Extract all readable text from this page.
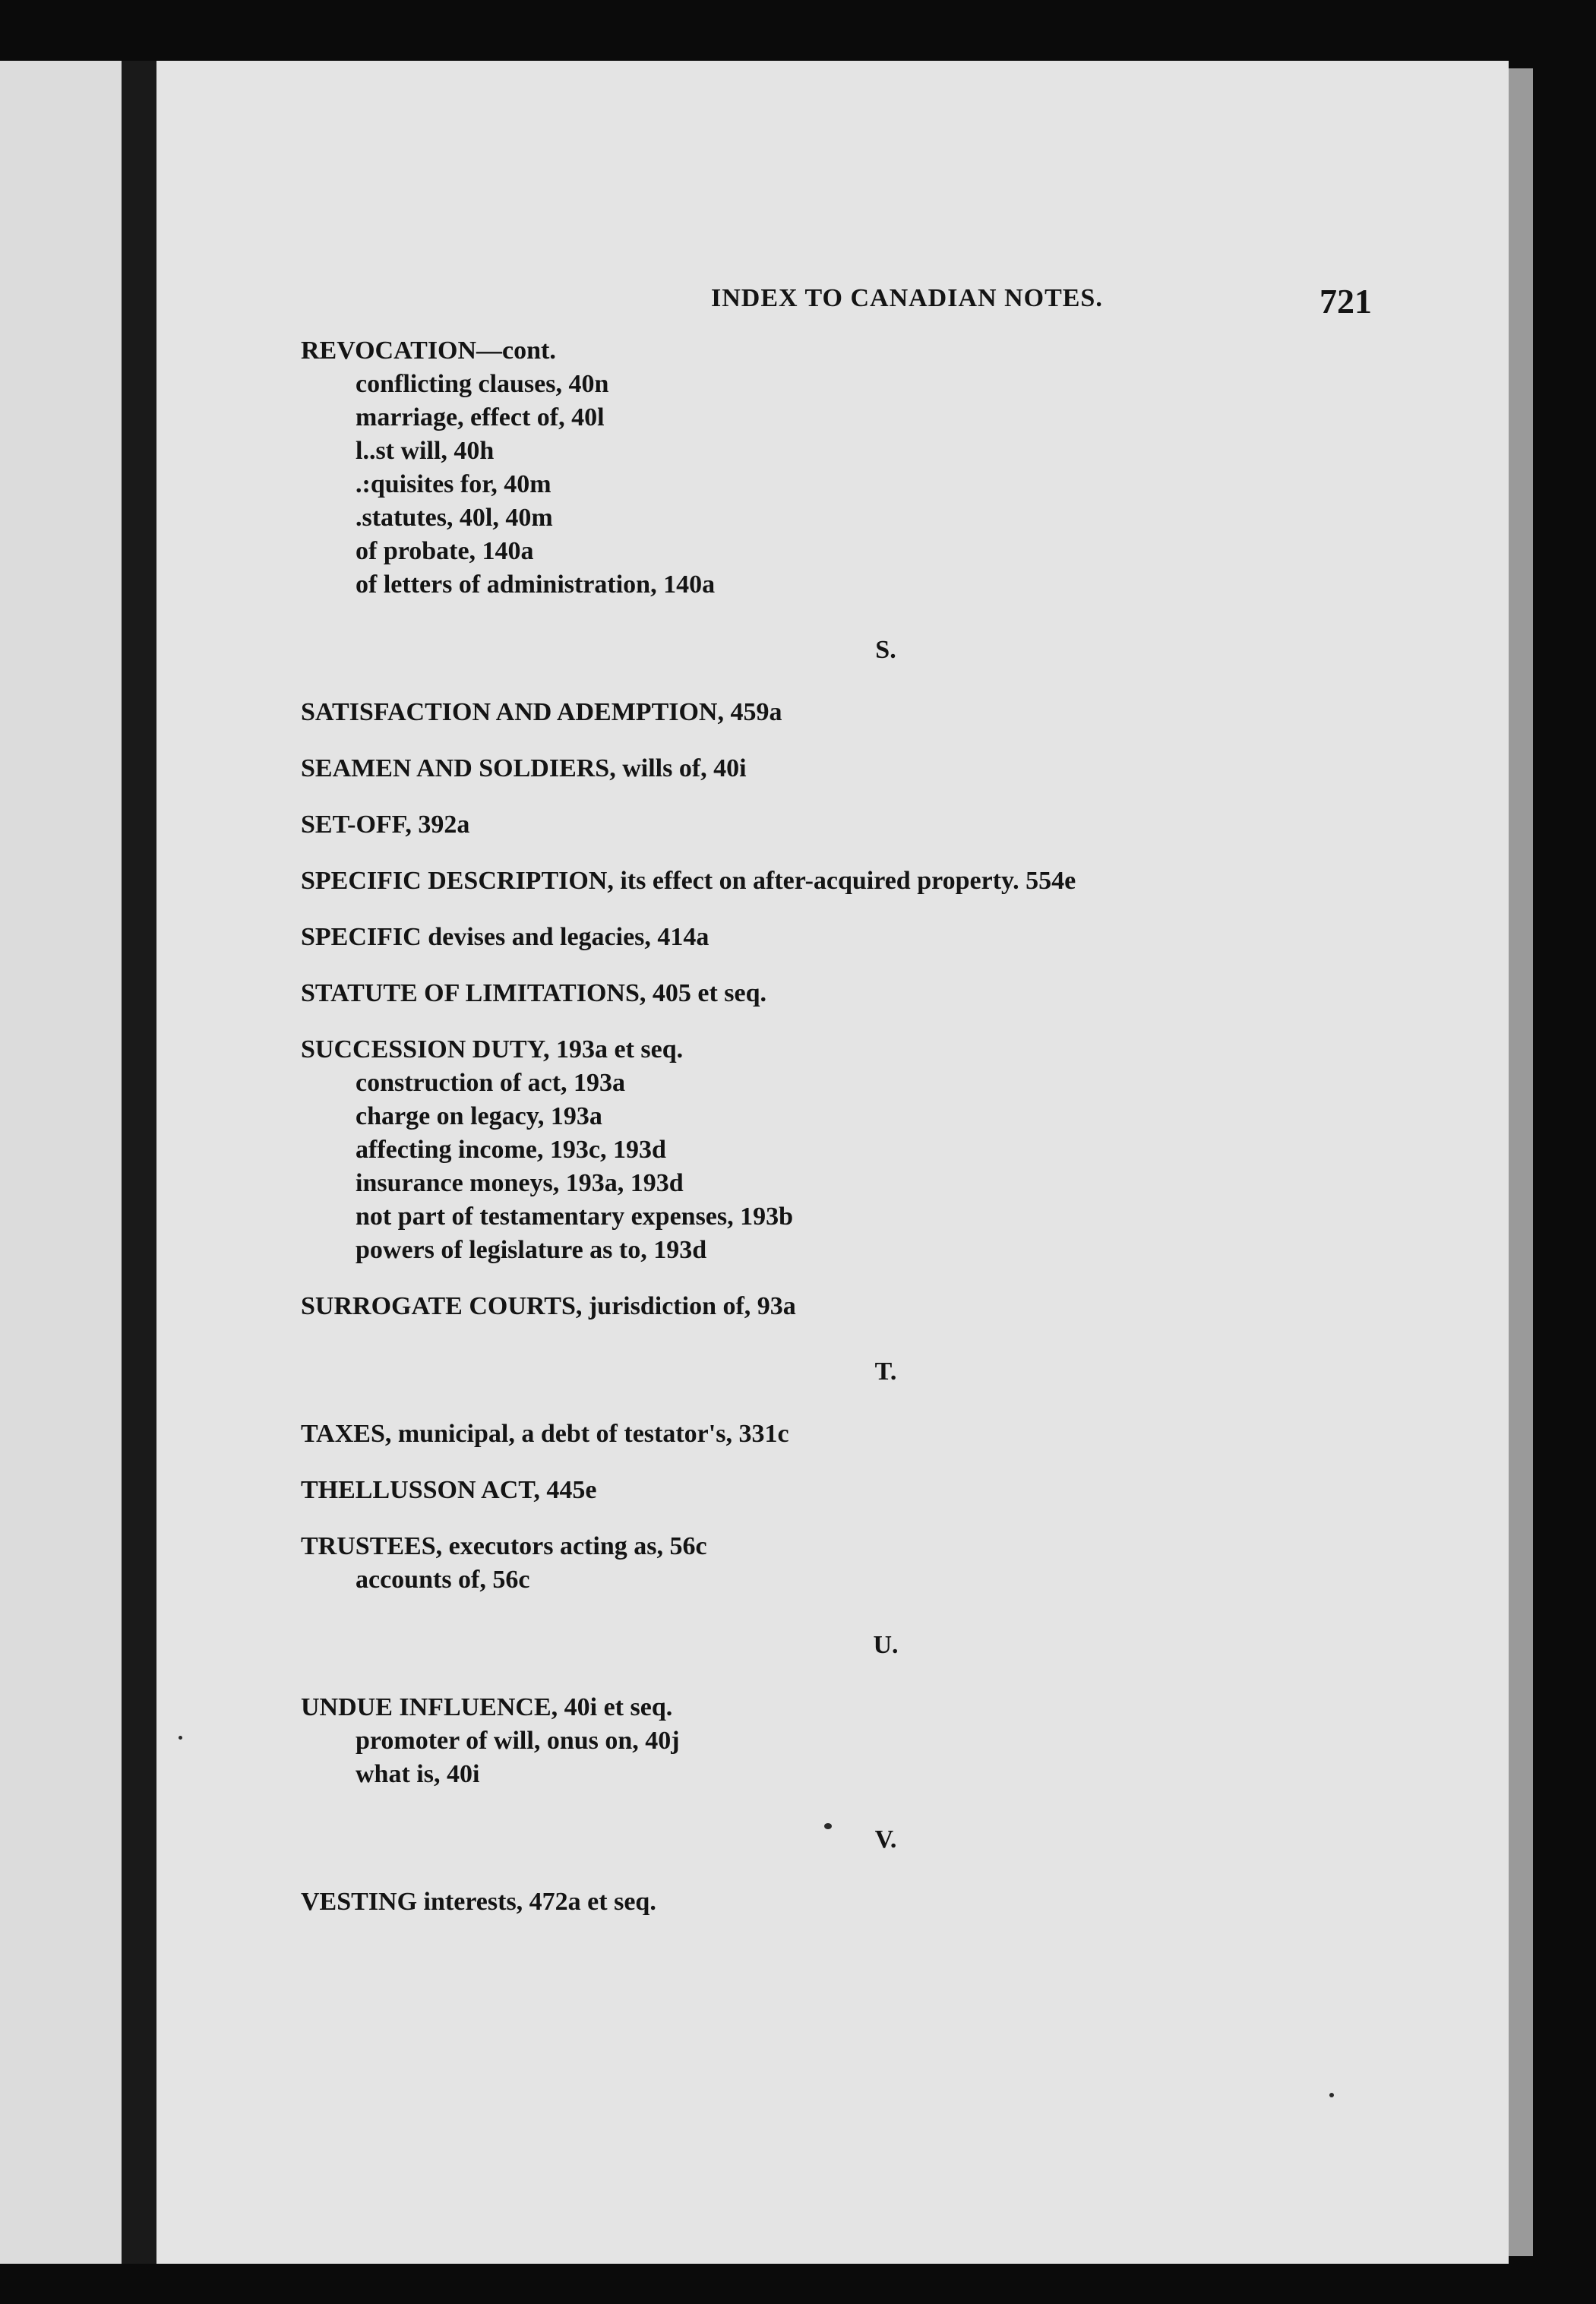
INDEX TO CANADIAN NOTES.	721
REVOCATION—cont.
conflicting clauses, 40n
marriage, effect of, 40l
l..st will, 40h
.:quisites for, 40m
.statutes, 40l, 40m
of probate, 140a
of letters of administration, 140a
S.
SATISFACTION AND ADEMPTION, 459a
SEAMEN AND SOLDIERS, wills of, 40i
SET-OFF, 392a
SPECIFIC DESCRIPTION, its effect on after-acquired property. 554e
SPECIFIC devises and legacies, 414a
STATUTE OF LIMITATIONS, 405 et seq.
SUCCESSION DUTY, 193a et seq.
construction of act, 193a
charge on legacy, 193a
affecting income, 193c, 193d
insurance moneys, 193a, 193d
not part of testamentary expenses, 193b
powers of legislature as to, 193d
SURROGATE COURTS, jurisdiction of, 93a
T.
TAXES, municipal, a debt of testator's, 331c
THELLUSSON ACT, 445e
TRUSTEES, executors acting as, 56c
accounts of, 56c
U.
UNDUE INFLUENCE, 40i et seq.
promoter of will, onus on, 40j
what is, 40i
V.
VESTING interests, 472a et seq.
